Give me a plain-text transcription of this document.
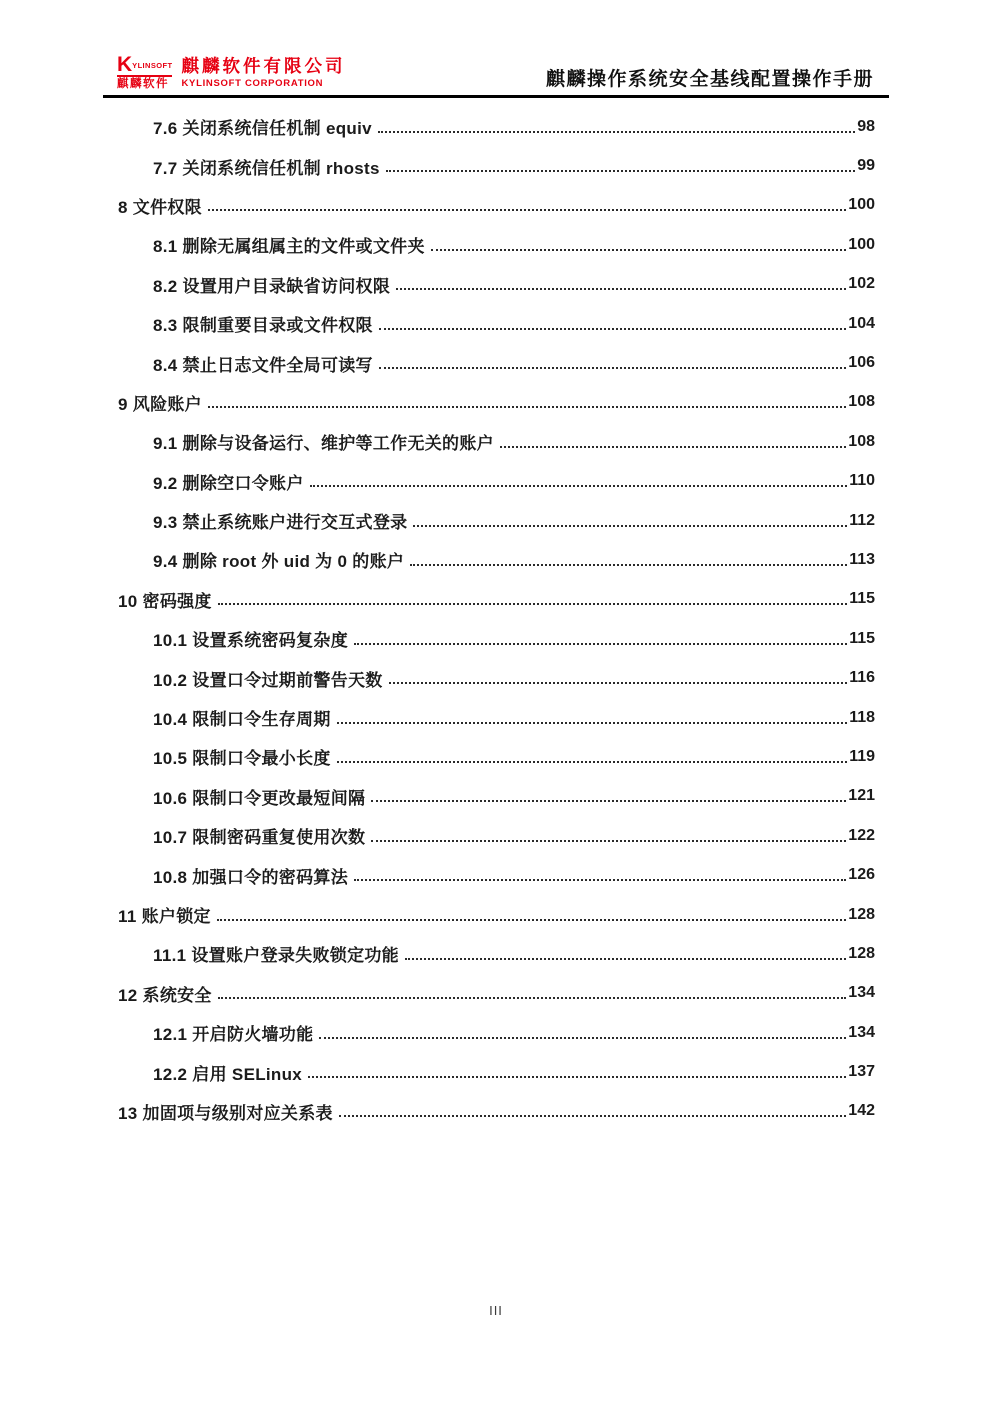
K YLINSOFT
麒麟软件
麒麟软件有限公司
KYLINSOFT CORPORATION	麒麟操作系统安全基线配置操作手册
7.6 关闭系统信任机制 equiv	98
7.7 关闭系统信任机制 rhosts	99
8 文件权限	100
8.1 删除无属组属主的文件或文件夹	100
8.2 设置用户目录缺省访问权限	102
8.3 限制重要目录或文件权限	104
8.4 禁止日志文件全局可读写	106
9 风险账户	108
9.1 删除与设备运行、维护等工作无关的账户	108
9.2 删除空口令账户	110
9.3 禁止系统账户进行交互式登录	112
9.4 删除 root 外 uid 为 0 的账户	113
10 密码强度	115
10.1 设置系统密码复杂度	115
10.2 设置口令过期前警告天数	116
10.4 限制口令生存周期	118
10.5 限制口令最小长度	119
10.6 限制口令更改最短间隔	121
10.7 限制密码重复使用次数	122
10.8 加强口令的密码算法	126
11 账户锁定	128
11.1 设置账户登录失败锁定功能	128
12 系统安全	134
12.1 开启防火墙功能	134
12.2 启用 SELinux	137
13 加固项与级别对应关系表	142
III
